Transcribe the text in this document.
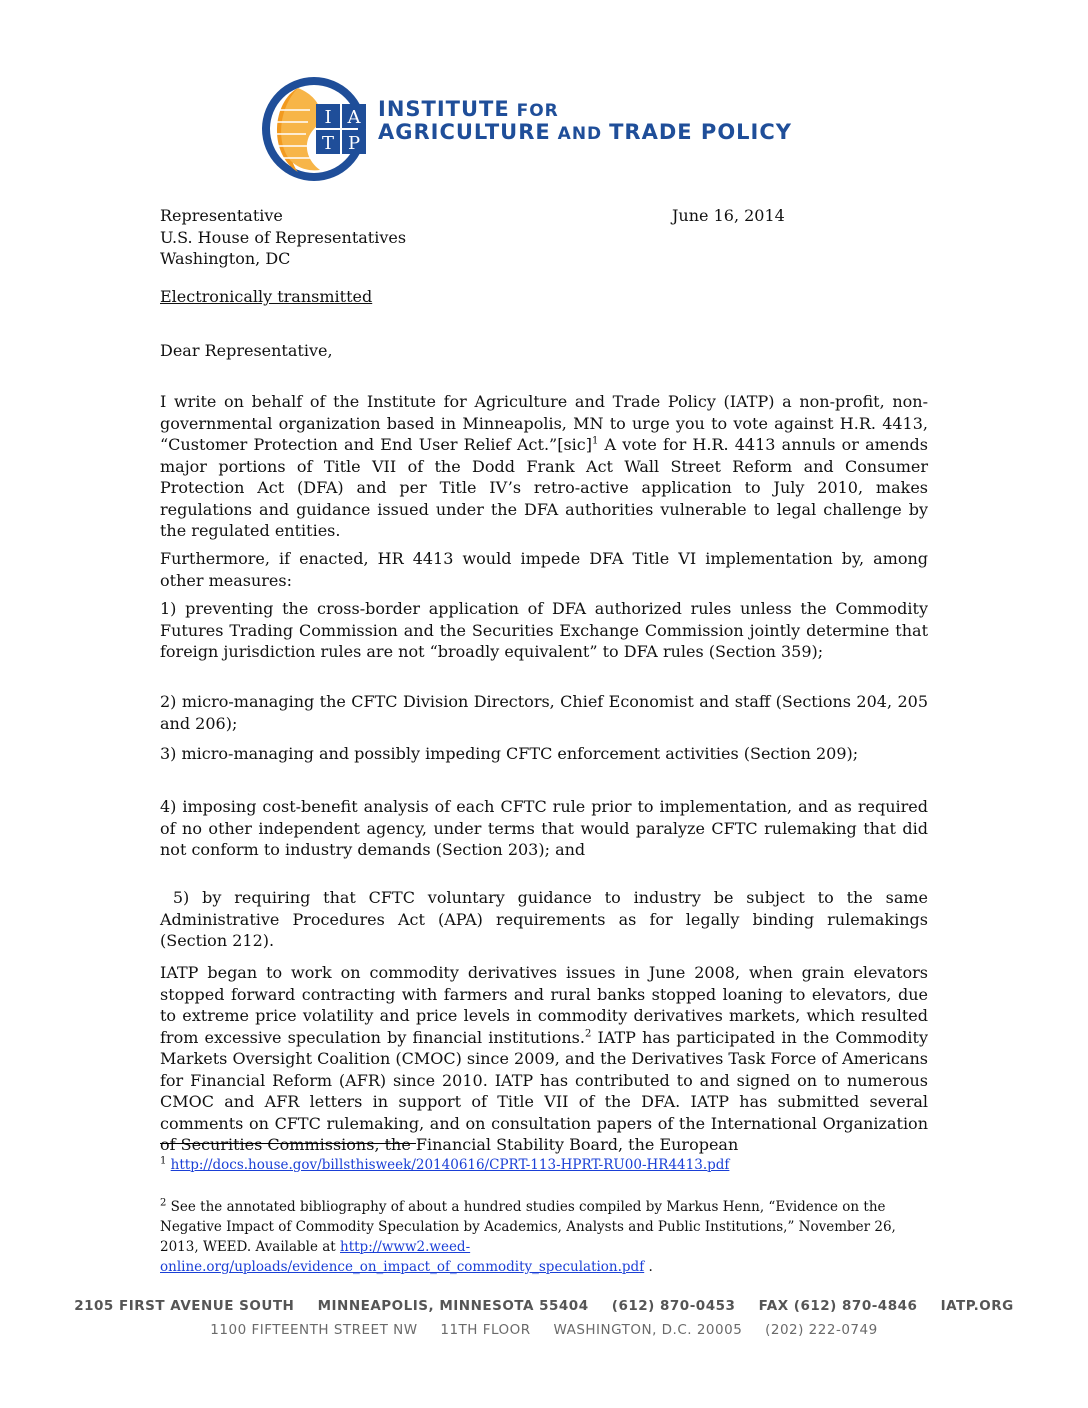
I A
T P
INSTITUTE FOR
AGRICULTURE AND TRADE POLICY
Representative
U.S. House of Representatives
Washington, DC
June 16, 2014
Electronically transmitted
Dear Representative,
I write on behalf of the Institute for Agriculture and Trade Policy (IATP) a non-profit, non-governmental organization based in Minneapolis, MN to urge you to vote against H.R. 4413, “Customer Protection and End User Relief Act.”[sic]$^1$ A vote for H.R. 4413 annuls or amends major portions of Title VII of the Dodd Frank Act Wall Street Reform and Consumer Protection Act (DFA) and per Title IV’s retro-active application to July 2010, makes regulations and guidance issued under the DFA authorities vulnerable to legal challenge by the regulated entities.
Furthermore, if enacted, HR 4413 would impede DFA Title VI implementation by, among other measures:
1) preventing the cross-border application of DFA authorized rules unless the Commodity Futures Trading Commission and the Securities Exchange Commission jointly determine that foreign jurisdiction rules are not “broadly equivalent” to DFA rules (Section 359);
2) micro-managing the CFTC Division Directors, Chief Economist and staff (Sections 204, 205 and 206);
3) micro-managing and possibly impeding CFTC enforcement activities (Section 209);
4) imposing cost-benefit analysis of each CFTC rule prior to implementation, and as required of no other independent agency, under terms that would paralyze CFTC rulemaking that did not conform to industry demands (Section 203); and
5) by requiring that CFTC voluntary guidance to industry be subject to the same Administrative Procedures Act (APA) requirements as for legally binding rulemakings (Section 212).
IATP began to work on commodity derivatives issues in June 2008, when grain elevators stopped forward contracting with farmers and rural banks stopped loaning to elevators, due to extreme price volatility and price levels in commodity derivatives markets, which resulted from excessive speculation by financial institutions.$^2$ IATP has participated in the Commodity Markets Oversight Coalition (CMOC) since 2009, and the Derivatives Task Force of Americans for Financial Reform (AFR) since 2010. IATP has contributed to and signed on to numerous CMOC and AFR letters in support of Title VII of the DFA. IATP has submitted several comments on CFTC rulemaking, and on consultation papers of the International Organization of Securities Commissions, the Financial Stability Board, the European
$^1$ http://docs.house.gov/billsthisweek/20140616/CPRT-113-HPRT-RU00-HR4413.pdf
$^2$ See the annotated bibliography of about a hundred studies compiled by Markus Henn, “Evidence on the Negative Impact of Commodity Speculation by Academics, Analysts and Public Institutions,” November 26, 2013, WEED. Available at http://www2.weed-online.org/uploads/evidence_on_impact_of_commodity_speculation.pdf .
2105 FIRST AVENUE SOUTH MINNEAPOLIS, MINNESOTA 55404 (612) 870-0453 FAX (612) 870-4846 IATP.ORG
1100 FIFTEENTH STREET NW 11TH FLOOR WASHINGTON, D.C. 20005 (202) 222-0749
